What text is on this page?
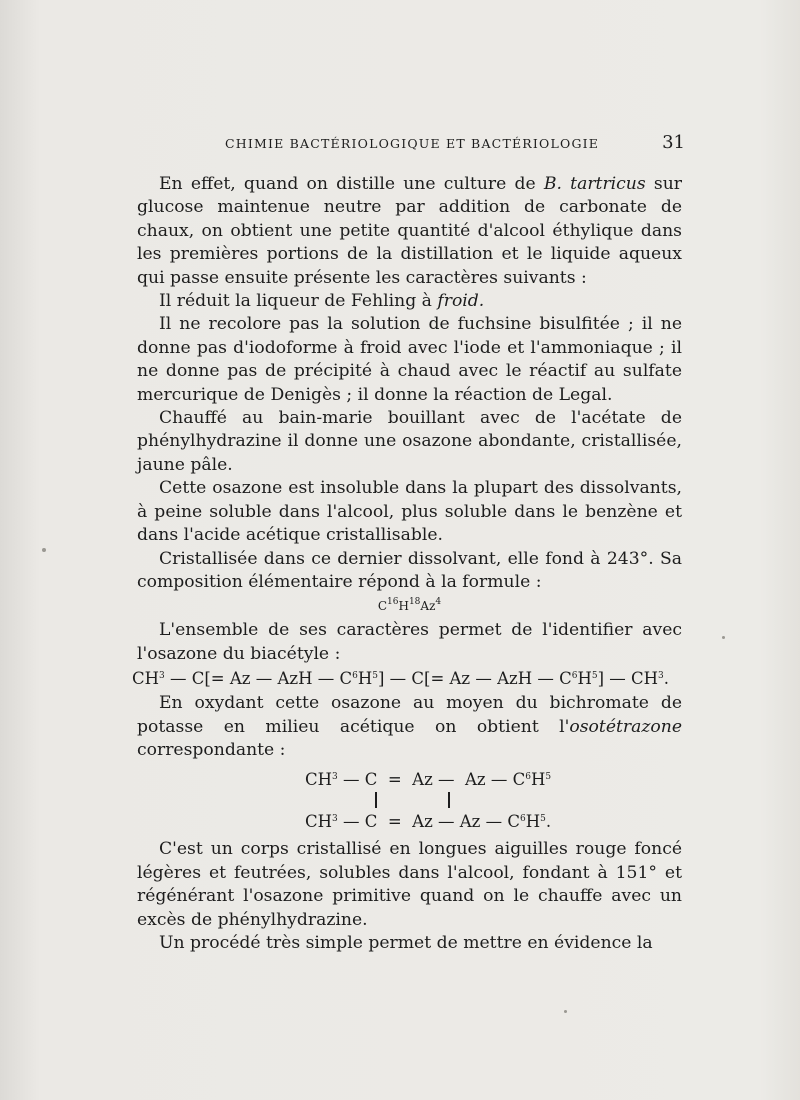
CHIMIE BACTÉRIOLOGIQUE ET BACTÉRIOLOGIE	31

En effet, quand on distille une culture de B. tartricus sur glucose maintenue neutre par addition de carbonate de chaux, on obtient une petite quantité d'alcool éthylique dans les premières portions de la distillation et le liquide aqueux qui passe ensuite présente les caractères suivants :

Il réduit la liqueur de Fehling à froid.

Il ne recolore pas la solution de fuchsine bisulfitée ; il ne donne pas d'iodoforme à froid avec l'iode et l'ammoniaque ; il ne donne pas de précipité à chaud avec le réactif au sulfate mercurique de Denigès ; il donne la réaction de Legal.

Chauffé au bain-marie bouillant avec de l'acétate de phénylhydrazine il donne une osazone abondante, cristallisée, jaune pâle.

Cette osazone est insoluble dans la plupart des dissolvants, à peine soluble dans l'alcool, plus soluble dans le benzène et dans l'acide acétique cristallisable.

Cristallisée dans ce dernier dissolvant, elle fond à 243°. Sa composition élémentaire répond à la formule :

$C^{16}H^{18}Az^4$

L'ensemble de ses caractères permet de l'identifier avec l'osazone du biacétyle :

$CH^3$ — C[= Az — AzH — $C^6H^5$] — C[= Az — AzH — $C^6H^5$] — $CH^3$.

En oxydant cette osazone au moyen du bichromate de potasse en milieu acétique on obtient l'osotétrazone correspondante :

$CH^3$ — C  =  Az —  Az — $C^6H^5$
$CH^3$ — C  =  Az — Az — $C^6H^5$.

C'est un corps cristallisé en longues aiguilles rouge foncé légères et feutrées, solubles dans l'alcool, fondant à 151° et régénérant l'osazone primitive quand on le chauffe avec un excès de phénylhydrazine.

Un procédé très simple permet de mettre en évidence la
